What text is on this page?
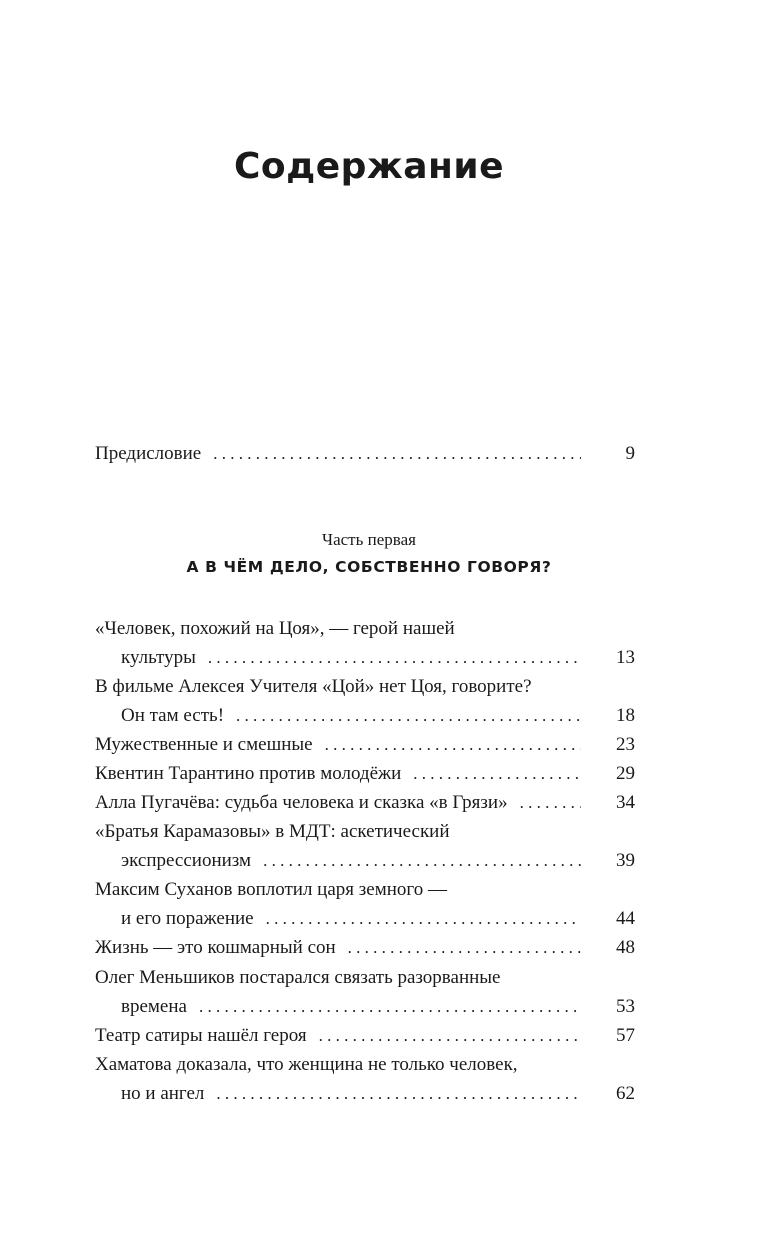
Содержание
Предисловие . . .	9
Часть первая
А В ЧЁМ ДЕЛО, СОБСТВЕННО ГОВОРЯ?
«Человек, похожий на Цоя», — герой нашей
культуры . . .	13
В фильме Алексея Учителя «Цой» нет Цоя, говорите?
Он там есть! . . .	18
Мужественные и смешные . . .	23
Квентин Тарантино против молодёжи . . .	29
Алла Пугачёва: судьба человека и сказка «в Грязи» . . .	34
«Братья Карамазовы» в МДТ: аскетический
экспрессионизм . . .	39
Максим Суханов воплотил царя земного —
и его поражение . . .	44
Жизнь — это кошмарный сон . . .	48
Олег Меньшиков постарался связать разорванные
времена . . .	53
Театр сатиры нашёл героя . . .	57
Хаматова доказала, что женщина не только человек,
но и ангел . . .	62
